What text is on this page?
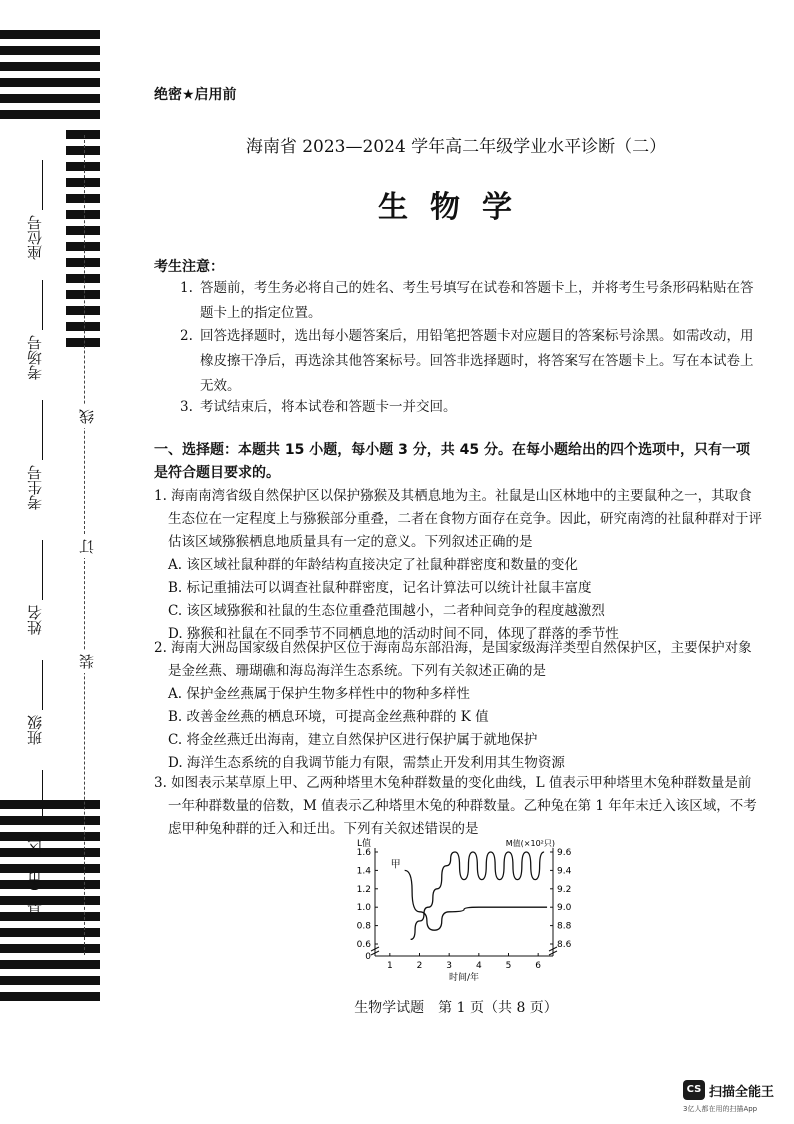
座位号
考场号
考生号
姓名
班级
县（市、区）
线
订
装
绝密★启用前
海南省 2023—2024 学年高二年级学业水平诊断（二）
生物学
考生注意：
1. 答题前，考生务必将自己的姓名、考生号填写在试卷和答题卡上，并将考生号条形码粘贴在答题卡上的指定位置。
2. 回答选择题时，选出每小题答案后，用铅笔把答题卡对应题目的答案标号涂黑。如需改动，用橡皮擦干净后，再选涂其他答案标号。回答非选择题时，将答案写在答题卡上。写在本试卷上无效。
3. 考试结束后，将本试卷和答题卡一并交回。
一、选择题：本题共 15 小题，每小题 3 分，共 45 分。在每小题给出的四个选项中，只有一项是符合题目要求的。
1. 海南南湾省级自然保护区以保护猕猴及其栖息地为主。社鼠是山区林地中的主要鼠种之一，其取食生态位在一定程度上与猕猴部分重叠，二者在食物方面存在竞争。因此，研究南湾的社鼠种群对于评估该区域猕猴栖息地质量具有一定的意义。下列叙述正确的是
A. 该区域社鼠种群的年龄结构直接决定了社鼠种群密度和数量的变化
B. 标记重捕法可以调查社鼠种群密度，记名计算法可以统计社鼠丰富度
C. 该区域猕猴和社鼠的生态位重叠范围越小，二者种间竞争的程度越激烈
D. 猕猴和社鼠在不同季节不同栖息地的活动时间不同，体现了群落的季节性
2. 海南大洲岛国家级自然保护区位于海南岛东部沿海，是国家级海洋类型自然保护区，主要保护对象是金丝燕、珊瑚礁和海岛海洋生态系统。下列有关叙述正确的是
A. 保护金丝燕属于保护生物多样性中的物种多样性
B. 改善金丝燕的栖息环境，可提高金丝燕种群的 K 值
C. 将金丝燕迁出海南，建立自然保护区进行保护属于就地保护
D. 海洋生态系统的自我调节能力有限，需禁止开发利用其生物资源
3. 如图表示某草原上甲、乙两种塔里木兔种群数量的变化曲线，L 值表示甲种塔里木兔种群数量是前一年种群数量的倍数，M 值表示乙种塔里木兔的种群数量。乙种兔在第 1 年年末迁入该区域，不考虑甲种兔种群的迁入和迁出。下列有关叙述错误的是
生物学试题　第 1 页（共 8 页）
L值	M值(×10²只)
时间/年
0
0.6
0.8
1.0
1.2
1.4
1.6
8.6
8.8
9.0
9.2
9.4
9.6
1	2	3	4	5	6
甲
CS 扫描全能王
3亿人都在用的扫描App
